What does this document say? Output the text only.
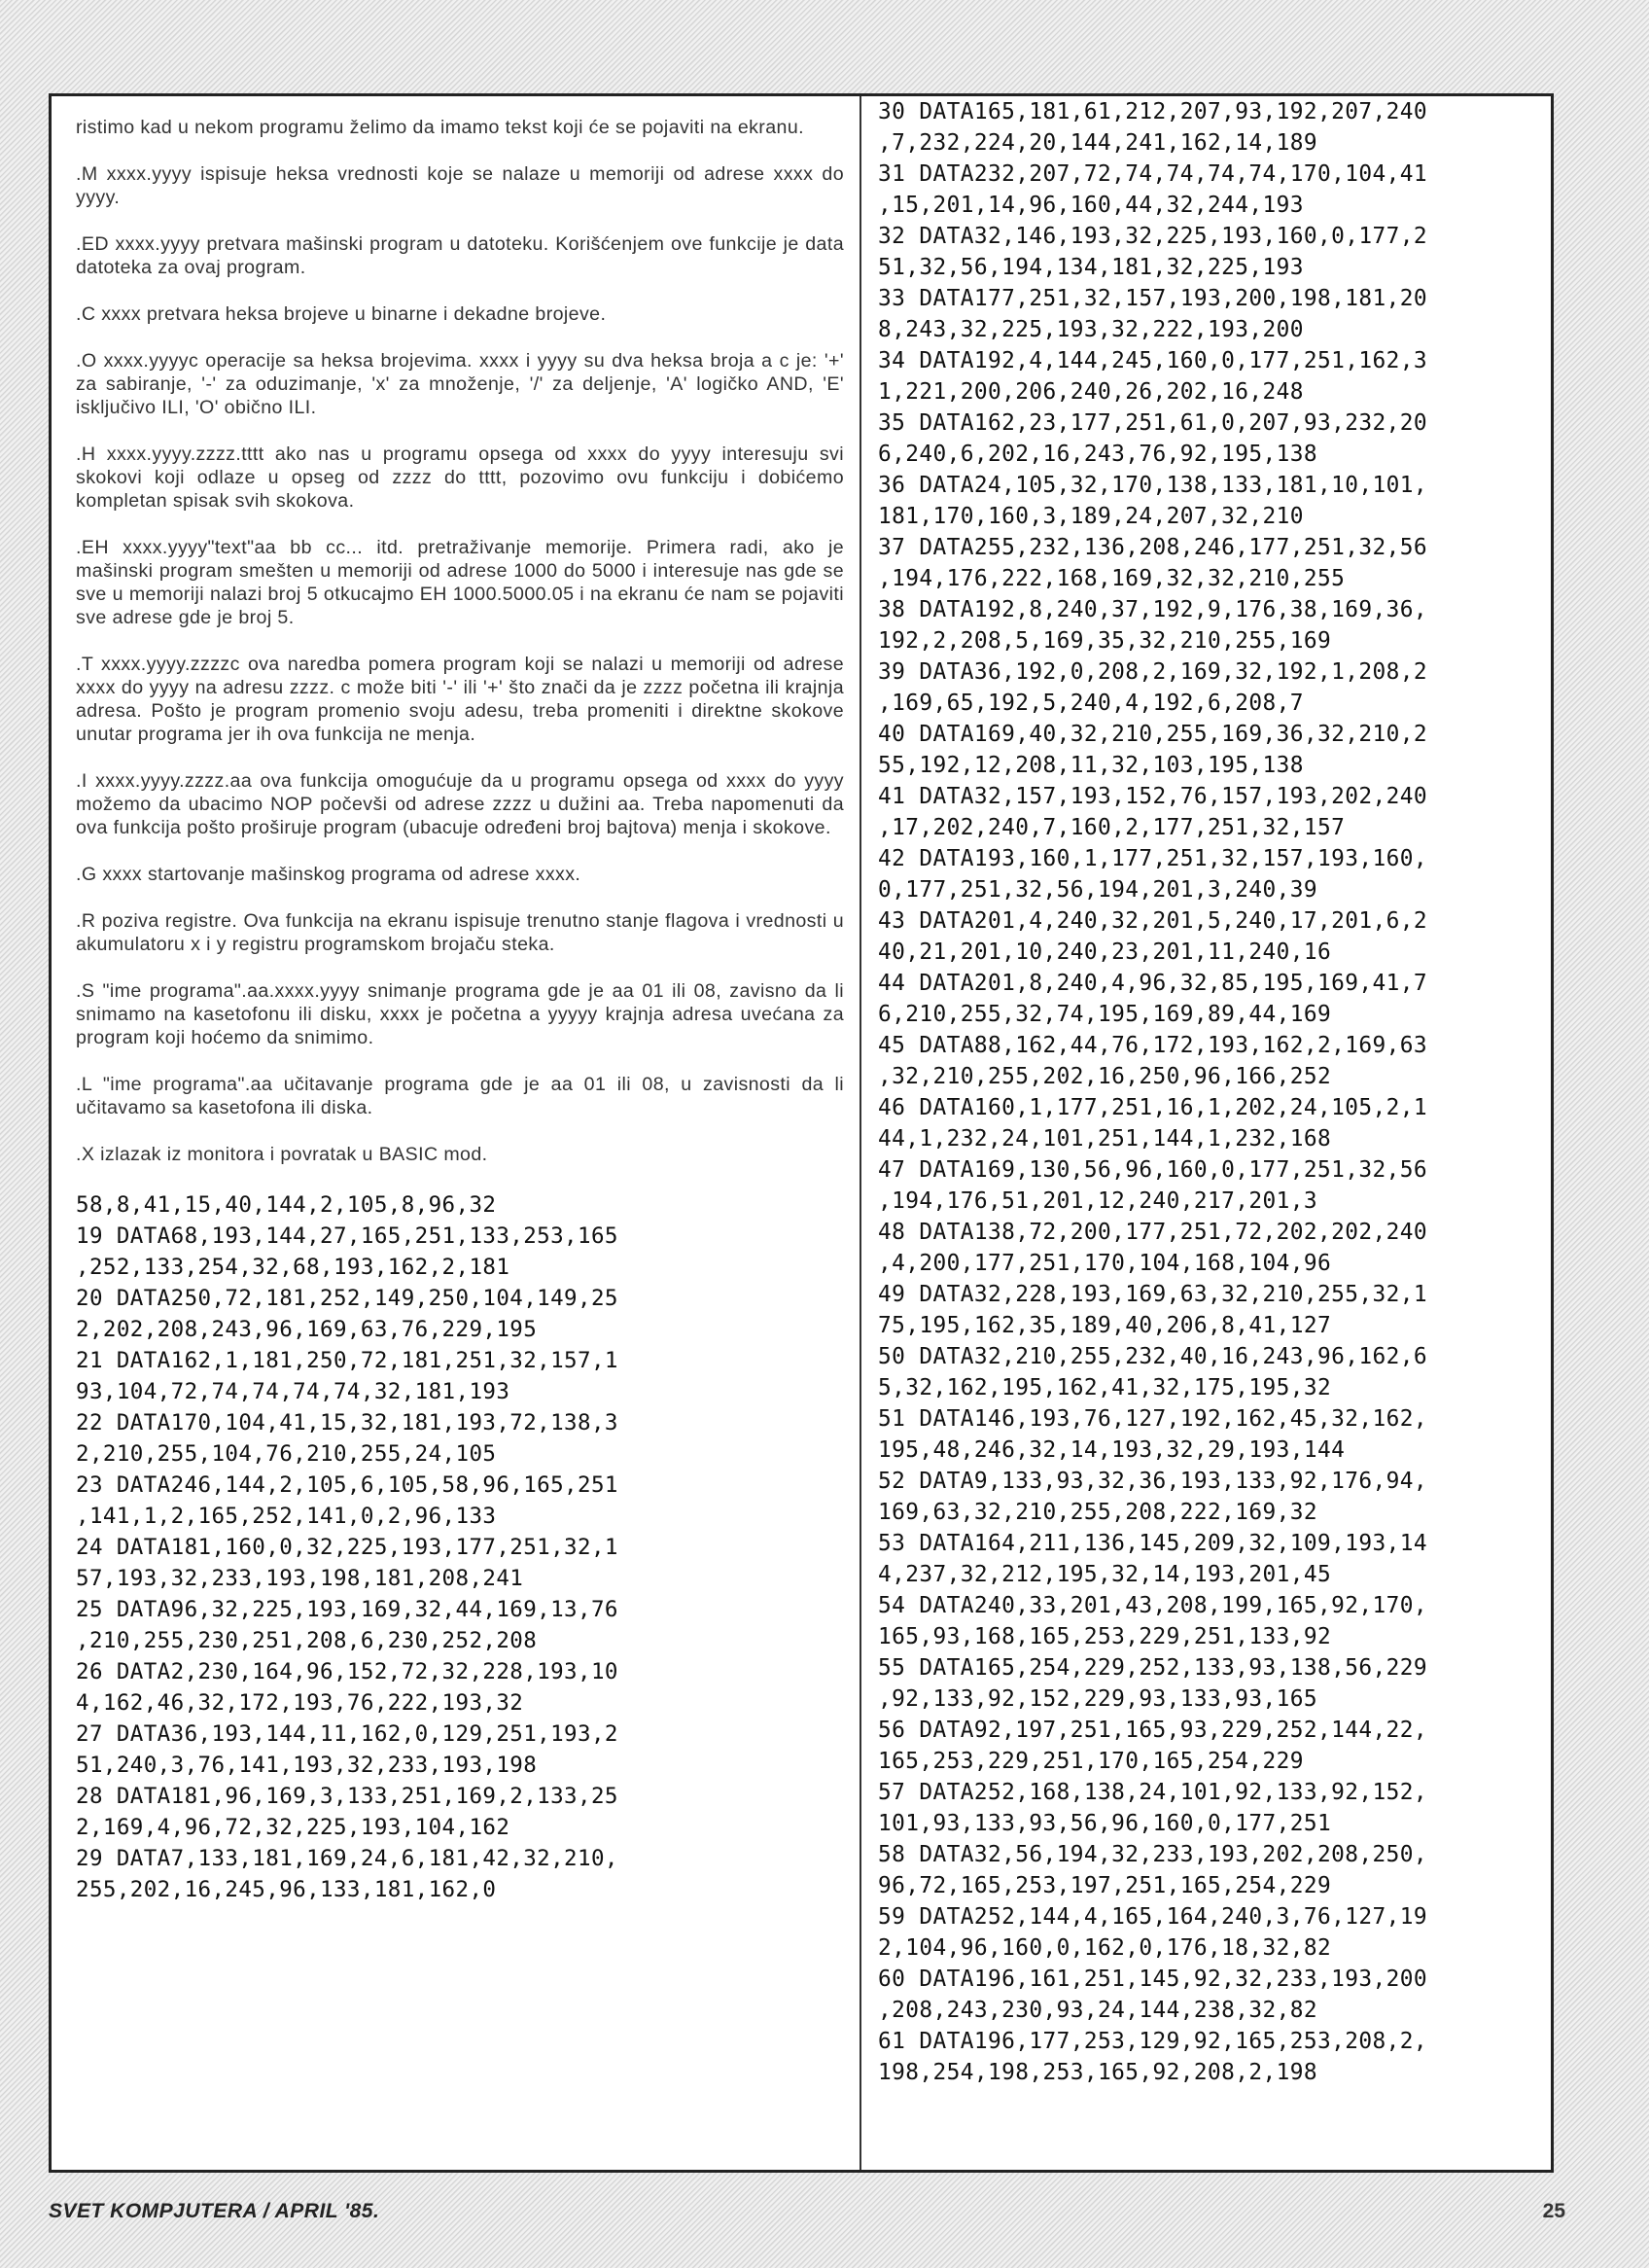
ristimo kad u nekom programu želimo da imamo tekst koji će se pojaviti na ekranu.

.M xxxx.yyyy ispisuje heksa vrednosti koje se nalaze u memoriji od adrese xxxx do yyyy.

.ED xxxx.yyyy pretvara mašinski program u datoteku. Korišćenjem ove funkcije je data datoteka za ovaj program.

.C xxxx pretvara heksa brojeve u binarne i dekadne brojeve.

.O xxxx.yyyyc operacije sa heksa brojevima. xxxx i yyyy su dva heksa broja a c je: '+' za sabiranje, '-' za oduzimanje, 'x' za množenje, '/' za deljenje, 'A' logičko AND, 'E' isključivo ILI, 'O' obično ILI.

.H xxxx.yyyy.zzzz.tttt ako nas u programu opsega od xxxx do yyyy interesuju svi skokovi koji odlaze u opseg od zzzz do tttt, pozovimo ovu funkciju i dobićemo kompletan spisak svih skokova.

.EH xxxx.yyyy"text"aa bb cc... itd. pretraživanje memorije. Primera radi, ako je mašinski program smešten u memoriji od adrese 1000 do 5000 i interesuje nas gde se sve u memoriji nalazi broj 5 otkucajmo EH 1000.5000.05 i na ekranu će nam se pojaviti sve adrese gde je broj 5.

.T xxxx.yyyy.zzzzc ova naredba pomera program koji se nalazi u memoriji od adrese xxxx do yyyy na adresu zzzz. c može biti '-' ili '+' što znači da je zzzz početna ili krajnja adresa. Pošto je program promenio svoju adesu, treba promeniti i direktne skokove unutar programa jer ih ova funkcija ne menja.

.I xxxx.yyyy.zzzz.aa ova funkcija omogućuje da u programu opsega od xxxx do yyyy možemo da ubacimo NOP počevši od adrese zzzz u dužini aa. Treba napomenuti da ova funkcija pošto proširuje program (ubacuje određeni broj bajtova) menja i skokove.

.G xxxx startovanje mašinskog programa od adrese xxxx.

.R poziva registre. Ova funkcija na ekranu ispisuje trenutno stanje flagova i vrednosti u akumulatoru x i y registru programskom brojaču steka.

.S "ime programa".aa.xxxx.yyyy snimanje programa gde je aa 01 ili 08, zavisno da li snimamo na kasetofonu ili disku, xxxx je početna a yyyyy krajnja adresa uvećana za program koji hoćemo da snimimo.

.L "ime programa".aa učitavanje programa gde je aa 01 ili 08, u zavisnosti da li učitavamo sa kasetofona ili diska.

.X izlazak iz monitora i povratak u BASIC mod.

58,8,41,15,40,144,2,105,8,96,32
19 DATA68,193,144,27,165,251,133,253,165
,252,133,254,32,68,193,162,2,181
20 DATA250,72,181,252,149,250,104,149,25
2,202,208,243,96,169,63,76,229,195
21 DATA162,1,181,250,72,181,251,32,157,1
93,104,72,74,74,74,74,32,181,193
22 DATA170,104,41,15,32,181,193,72,138,3
2,210,255,104,76,210,255,24,105
23 DATA246,144,2,105,6,105,58,96,165,251
,141,1,2,165,252,141,0,2,96,133
24 DATA181,160,0,32,225,193,177,251,32,1
57,193,32,233,193,198,181,208,241
25 DATA96,32,225,193,169,32,44,169,13,76
,210,255,230,251,208,6,230,252,208
26 DATA2,230,164,96,152,72,32,228,193,10
4,162,46,32,172,193,76,222,193,32
27 DATA36,193,144,11,162,0,129,251,193,2
51,240,3,76,141,193,32,233,193,198
28 DATA181,96,169,3,133,251,169,2,133,25
2,169,4,96,72,32,225,193,104,162
29 DATA7,133,181,169,24,6,181,42,32,210,
255,202,16,245,96,133,181,162,0
30 DATA165,181,61,212,207,93,192,207,240
,7,232,224,20,144,241,162,14,189
31 DATA232,207,72,74,74,74,74,170,104,41
,15,201,14,96,160,44,32,244,193
32 DATA32,146,193,32,225,193,160,0,177,2
51,32,56,194,134,181,32,225,193
33 DATA177,251,32,157,193,200,198,181,20
8,243,32,225,193,32,222,193,200
34 DATA192,4,144,245,160,0,177,251,162,3
1,221,200,206,240,26,202,16,248
35 DATA162,23,177,251,61,0,207,93,232,20
6,240,6,202,16,243,76,92,195,138
36 DATA24,105,32,170,138,133,181,10,101,
181,170,160,3,189,24,207,32,210
37 DATA255,232,136,208,246,177,251,32,56
,194,176,222,168,169,32,32,210,255
38 DATA192,8,240,37,192,9,176,38,169,36,
192,2,208,5,169,35,32,210,255,169
39 DATA36,192,0,208,2,169,32,192,1,208,2
,169,65,192,5,240,4,192,6,208,7
40 DATA169,40,32,210,255,169,36,32,210,2
55,192,12,208,11,32,103,195,138
41 DATA32,157,193,152,76,157,193,202,240
,17,202,240,7,160,2,177,251,32,157
42 DATA193,160,1,177,251,32,157,193,160,
0,177,251,32,56,194,201,3,240,39
43 DATA201,4,240,32,201,5,240,17,201,6,2
40,21,201,10,240,23,201,11,240,16
44 DATA201,8,240,4,96,32,85,195,169,41,7
6,210,255,32,74,195,169,89,44,169
45 DATA88,162,44,76,172,193,162,2,169,63
,32,210,255,202,16,250,96,166,252
46 DATA160,1,177,251,16,1,202,24,105,2,1
44,1,232,24,101,251,144,1,232,168
47 DATA169,130,56,96,160,0,177,251,32,56
,194,176,51,201,12,240,217,201,3
48 DATA138,72,200,177,251,72,202,202,240
,4,200,177,251,170,104,168,104,96
49 DATA32,228,193,169,63,32,210,255,32,1
75,195,162,35,189,40,206,8,41,127
50 DATA32,210,255,232,40,16,243,96,162,6
5,32,162,195,162,41,32,175,195,32
51 DATA146,193,76,127,192,162,45,32,162,
195,48,246,32,14,193,32,29,193,144
52 DATA9,133,93,32,36,193,133,92,176,94,
169,63,32,210,255,208,222,169,32
53 DATA164,211,136,145,209,32,109,193,14
4,237,32,212,195,32,14,193,201,45
54 DATA240,33,201,43,208,199,165,92,170,
165,93,168,165,253,229,251,133,92
55 DATA165,254,229,252,133,93,138,56,229
,92,133,92,152,229,93,133,93,165
56 DATA92,197,251,165,93,229,252,144,22,
165,253,229,251,170,165,254,229
57 DATA252,168,138,24,101,92,133,92,152,
101,93,133,93,56,96,160,0,177,251
58 DATA32,56,194,32,233,193,202,208,250,
96,72,165,253,197,251,165,254,229
59 DATA252,144,4,165,164,240,3,76,127,19
2,104,96,160,0,162,0,176,18,32,82
60 DATA196,161,251,145,92,32,233,193,200
,208,243,230,93,24,144,238,32,82
61 DATA196,177,253,129,92,165,253,208,2,
198,254,198,253,165,92,208,2,198
SVET KOMPJUTERA / APRIL '85.	25
